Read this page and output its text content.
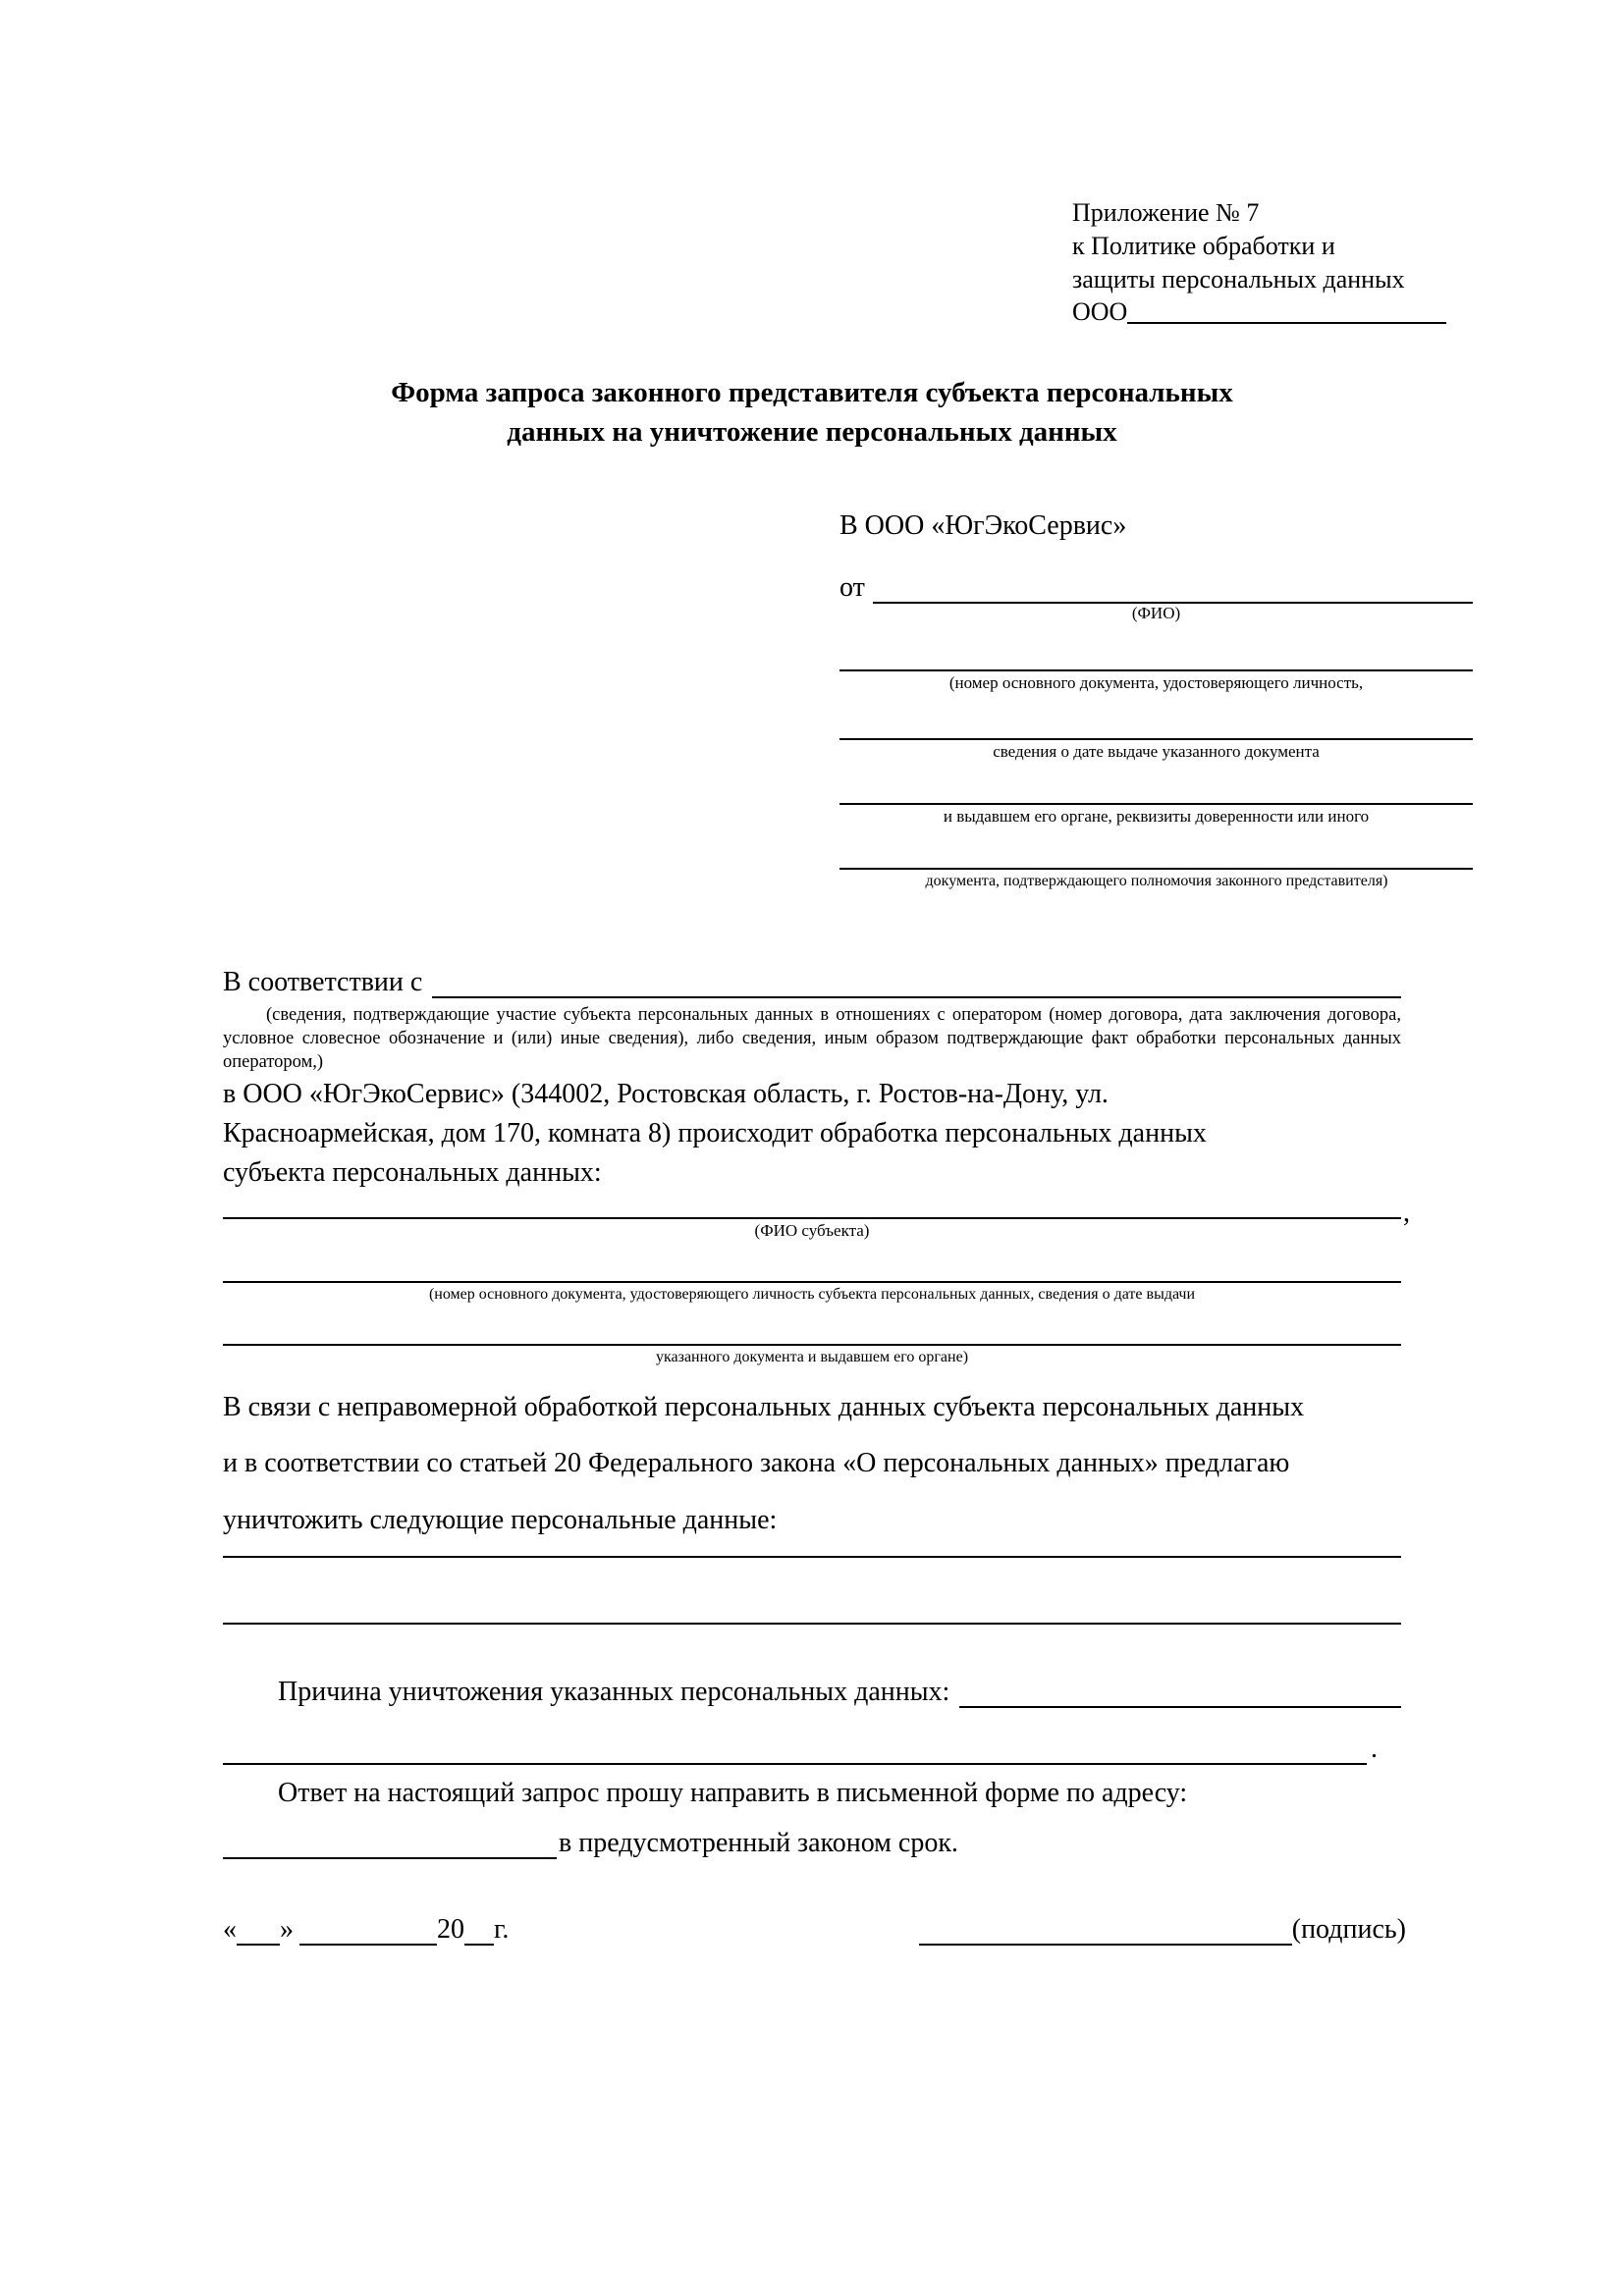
Приложение № 7
к Политике обработки и
защиты персональных данных
ООО
Форма запроса законного представителя субъекта персональных
данных на уничтожение персональных данных
В ООО «ЮгЭкоСервис»
от
(ФИО)
(номер основного документа, удостоверяющего личность,
сведения о дате выдаче указанного документа
и выдавшем его органе, реквизиты доверенности или иного
документа, подтверждающего полномочия законного представителя)
В соответствии с
(сведения, подтверждающие участие субъекта персональных данных в отношениях с оператором (номер договора, дата заключения договора, условное словесное обозначение и (или) иные сведения), либо сведения, иным образом подтверждающие факт обработки персональных данных оператором,)
в ООО «ЮгЭкоСервис» (344002, Ростовская область, г. Ростов-на-Дону, ул.
Красноармейская, дом 170, комната 8) происходит обработка персональных данных
субъекта персональных данных:
,
(ФИО субъекта)
(номер основного документа, удостоверяющего личность субъекта персональных данных, сведения о дате выдачи
указанного документа и выдавшем его органе)
В связи с неправомерной обработкой персональных данных субъекта персональных данных
и в соответствии со статьей 20 Федерального закона «О персональных данных» предлагаю
уничтожить следующие персональные данные:
Причина уничтожения указанных персональных данных:
.
Ответ на настоящий запрос прошу направить в письменной форме по адресу:
в предусмотренный законом срок.
« »	20 г.	(подпись)
